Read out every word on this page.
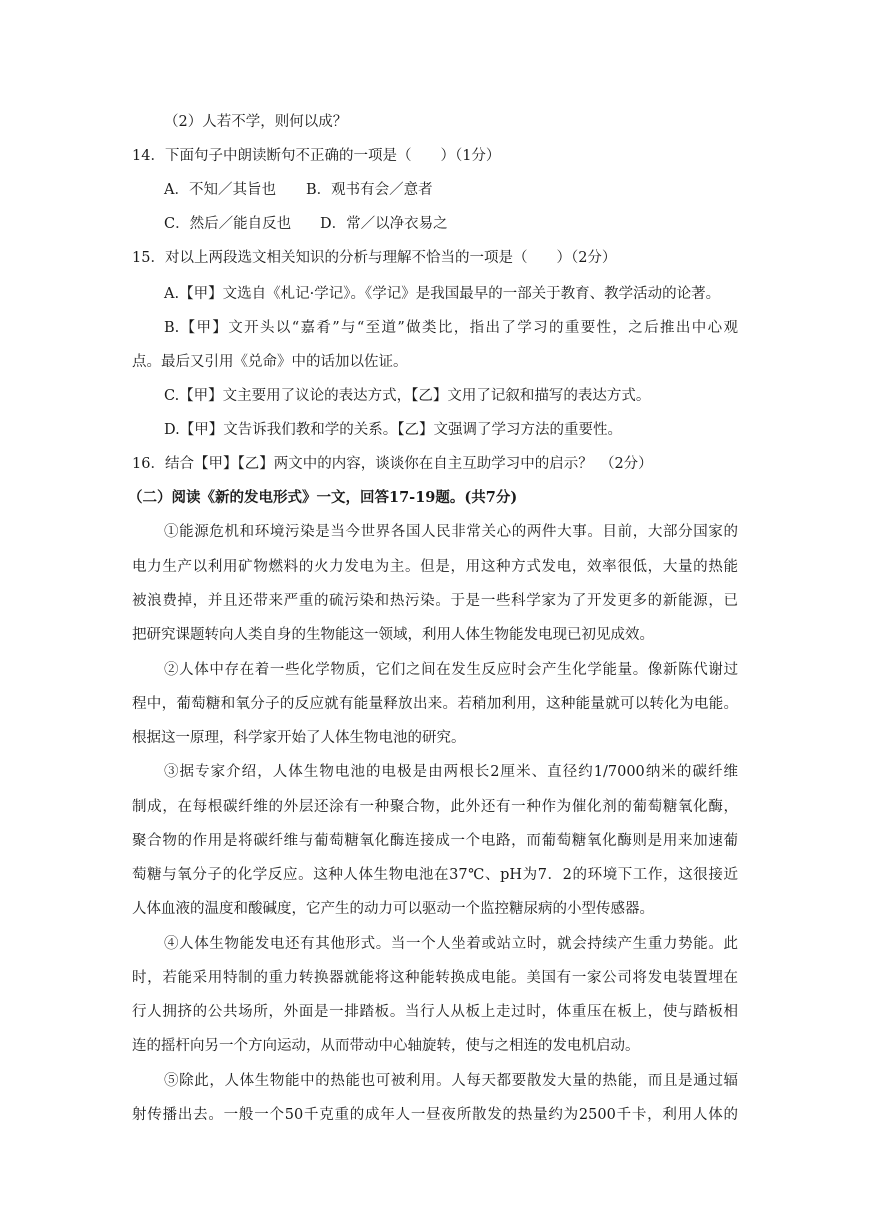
（2）人若不学，则何以成？
14．下面句子中朗读断句不正确的一项是（　　）（1分）
A．不知／其旨也 B．观书有会／意者
C．然后／能自反也 D．常／以净衣易之
15．对以上两段选文相关知识的分析与理解不恰当的一项是（　　）（2分）
A.【甲】文选自《札记·学记》。《学记》是我国最早的一部关于教育、教学活动的论著。
B.【甲】文开头以“嘉肴”与“至道”做类比，指出了学习的重要性，之后推出中心观
点。最后又引用《兑命》中的话加以佐证。
C.【甲】文主要用了议论的表达方式，【乙】文用了记叙和描写的表达方式。
D.【甲】文告诉我们教和学的关系。【乙】文强调了学习方法的重要性。
16．结合【甲】【乙】两文中的内容，谈谈你在自主互助学习中的启示？　（2分）
（二）阅读《新的发电形式》一文，回答17-19题。(共7分)
①能源危机和环境污染是当今世界各国人民非常关心的两件大事。目前，大部分国家的
电力生产以利用矿物燃料的火力发电为主。但是，用这种方式发电，效率很低，大量的热能
被浪费掉，并且还带来严重的硫污染和热污染。于是一些科学家为了开发更多的新能源，已
把研究课题转向人类自身的生物能这一领域，利用人体生物能发电现已初见成效。
②人体中存在着一些化学物质，它们之间在发生反应时会产生化学能量。像新陈代谢过
程中，葡萄糖和氧分子的反应就有能量释放出来。若稍加利用，这种能量就可以转化为电能。
根据这一原理，科学家开始了人体生物电池的研究。
③据专家介绍，人体生物电池的电极是由两根长2厘米、直径约1/7000纳米的碳纤维
制成，在每根碳纤维的外层还涂有一种聚合物，此外还有一种作为催化剂的葡萄糖氧化酶，
聚合物的作用是将碳纤维与葡萄糖氧化酶连接成一个电路，而葡萄糖氧化酶则是用来加速葡
萄糖与氧分子的化学反应。这种人体生物电池在37℃、pH为7．2的环境下工作，这很接近
人体血液的温度和酸碱度，它产生的动力可以驱动一个监控糖尿病的小型传感器。
④人体生物能发电还有其他形式。当一个人坐着或站立时，就会持续产生重力势能。此
时，若能采用特制的重力转换器就能将这种能转换成电能。美国有一家公司将发电装置埋在
行人拥挤的公共场所，外面是一排踏板。当行人从板上走过时，体重压在板上，使与踏板相
连的摇杆向另一个方向运动，从而带动中心轴旋转，使与之相连的发电机启动。
⑤除此，人体生物能中的热能也可被利用。人每天都要散发大量的热能，而且是通过辐
射传播出去。一般一个50千克重的成年人一昼夜所散发的热量约为2500千卡，利用人体的
